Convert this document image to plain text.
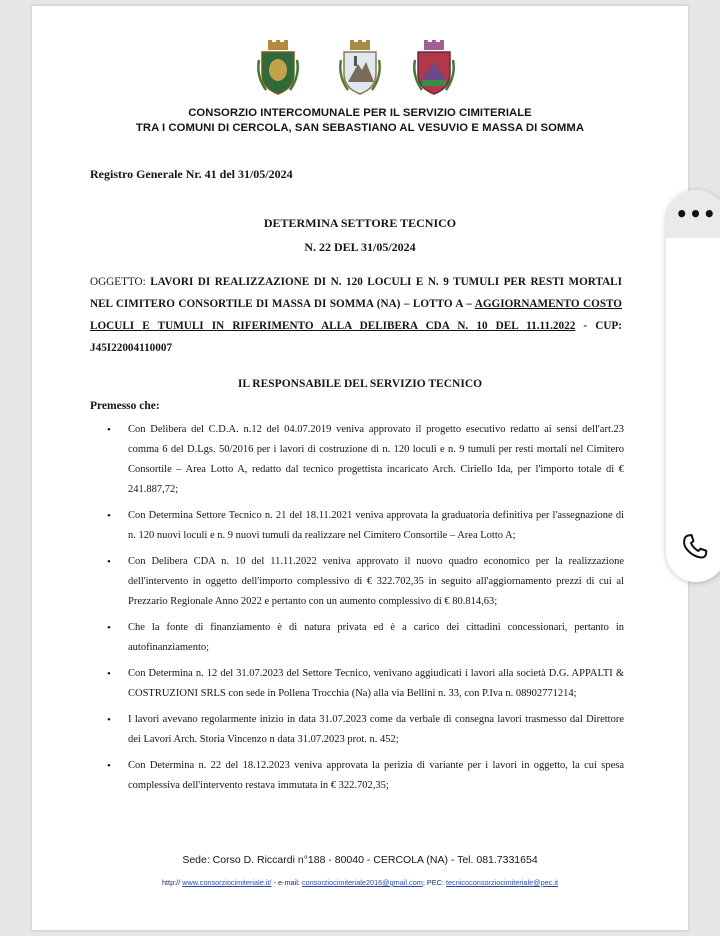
CONSORZIO INTERCOMUNALE PER IL SERVIZIO CIMITERIALE
TRA I COMUNI DI CERCOLA, SAN SEBASTIANO AL VESUVIO E MASSA DI SOMMA
Registro Generale Nr. 41 del 31/05/2024
DETERMINA SETTORE TECNICO
N. 22 DEL 31/05/2024
OGGETTO: LAVORI DI REALIZZAZIONE DI N. 120 LOCULI E N. 9 TUMULI PER RESTI MORTALI NEL CIMITERO CONSORTILE DI MASSA DI SOMMA (NA) – LOTTO A – AGGIORNAMENTO COSTO LOCULI E TUMULI IN RIFERIMENTO ALLA DELIBERA CDA N. 10 DEL 11.11.2022 - CUP: J45I22004110007
IL RESPONSABILE DEL SERVIZIO TECNICO
Premesso che:
• Con Delibera del C.D.A. n.12 del 04.07.2019 veniva approvato il progetto esecutivo redatto ai sensi dell'art.23 comma 6 del D.Lgs. 50/2016 per i lavori di costruzione di n. 120 loculi e n. 9 tumuli per resti mortali nel Cimitero Consortile – Area Lotto A, redatto dal tecnico progettista incaricato Arch. Ciriello Ida, per l'importo totale di € 241.887,72;
• Con Determina Settore Tecnico n. 21 del 18.11.2021 veniva approvata la graduatoria definitiva per l'assegnazione di n. 120 nuovi loculi e n. 9 nuovi tumuli da realizzare nel Cimitero Consortile – Area Lotto A;
• Con Delibera CDA n. 10 del 11.11.2022 veniva approvato il nuovo quadro economico per la realizzazione dell'intervento in oggetto dell'importo complessivo di € 322.702,35 in seguito all'aggiornamento prezzi di cui al Prezzario Regionale Anno 2022 e pertanto con un aumento complessivo di € 80.814,63;
• Che la fonte di finanziamento è di natura privata ed è a carico dei cittadini concessionari, pertanto in autofinanziamento;
• Con Determina n. 12 del 31.07.2023 del Settore Tecnico, venivano aggiudicati i lavori alla società D.G. APPALTI & COSTRUZIONI SRLS con sede in Pollena Trocchia (Na) alla via Bellini n. 33, con P.Iva n. 08902771214;
• I lavori avevano regolarmente inizio in data 31.07.2023 come da verbale di consegna lavori trasmesso dal Direttore dei Lavori Arch. Storia Vincenzo n data 31.07.2023 prot. n. 452;
• Con Determina n. 22 del 18.12.2023 veniva approvata la perizia di variante per i lavori in oggetto, la cui spesa complessiva dell'intervento restava immutata in € 322.702,35;
Sede: Corso D. Riccardi n°188 - 80040 - CERCOLA (NA) - Tel. 081.7331654
http:// www.consorziocimiteriale.it/ - e-mail: consorziocimiteriale2016@gmail.com; PEC: tecnicoconsorziocimiteriale@pec.it
•••
